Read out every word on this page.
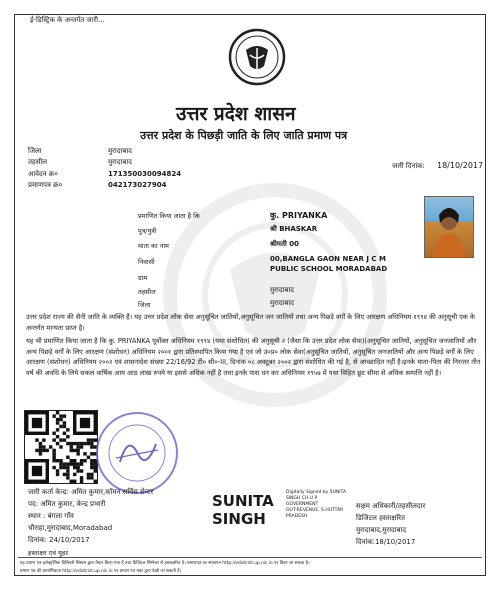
ई-डिस्ट्रिक के अन्तर्गत जारी...
उत्तर प्रदेश शासन
उत्तर प्रदेश के पिछड़ी जाति के लिए जाति प्रमाण पत्र
जिला	मुरादाबाद
तहसील	मुरादाबाद
आवेदन क्र०	171350030094824
प्रमाणपत्र क्र०	042173027904
जारी दिनांक: 18/10/2017
प्रमाणित किया जाता है कि	कु. PRIYANKA
पुत्र/पुत्री	श्री BHASKAR
माता का नाम	श्रीमती 00
निवासी	00,BANGLA GAON NEAR J C M
PUBLIC SCHOOL MORADABAD
ग्राम
तहसील	मुरादाबाद
जिला	मुरादाबाद
उत्तर प्रदेश राज्य की सैनी जाति के व्यक्ति हैं। यह उत्तर प्रदेश लोक सेवा अनुसूचित जातियों,अनुसूचित जन जातियों तथा अन्य पिछड़े वर्गों के लिए आरक्षण अधिनियम १९९४ की अनुसूची एक के अन्तर्गत मान्यता प्राप्त है।
यह भी प्रमाणित किया जाता है कि कु. PRIYANKA पूर्वोक्त अधिनियम १९९४ (यथा संशोधित) की अनुसूची २ (जैसा कि उत्तर प्रदेश लोक सेवा)(अनुसूचित जातियों, अनुसूचित जनजातियों और अन्य पिछड़े वर्गों के लिए आरक्षण (संशोधन) अधिनियम २००१ द्वारा प्रतिस्थापित किया गया है एवं जो उ०प्र० लोक सेवा(अनुसूचित जातियों, अनुसूचित जनजातियों और अन्य पिछड़े वर्गों के लिए आरक्षण (संशोधन) अधिनियम २००२ एवं शासनादेश संख्या 22/16/92 टी० सी०-III, दिनांक ०८ अक्टूबर २००२ द्वारा संशोधित की गई है, से आच्छादित नहीं है।इनके माता-पिता की निरन्तर तीन वर्ष की अवधि के लिये सकल वार्षिक आय आठ लाख रुपये या इससे अधिक नहीं है तथा इनके पास धन कर अधिनियम १९५७ में यथा विहित छूट सीमा से अधिक सम्पत्ति नहीं है।
जारी कर्ता केन्द्र: अमित कुमार,कॉमन सर्विस सेन्टर
पद: अमित कुमार, केन्द्र प्रभारी
स्थान : बंगला गाँव
चौराहा,मुरादाबाद,Moradabad
दिनांक: 24/10/2017
हस्ताक्षर एवं मुहर
SUNITA
SINGH
Digitally Signed by SUNITA
SINGH CH U P
GOVERNMENT
OUT-REVENUE, S.HUTTAR
PRADESH
सक्षम अधिकारी/तहसीलदार
डिजिटल हस्ताक्षरित
मुरादाबाद,मुरादाबाद
दिनांक:18/10/2017
यह प्रमाण पत्र इलेक्ट्रॉनिक डिलिवरी सिस्टम द्वारा तैयार किया गया है तथा डिजिटल सिग्नेचर से हस्ताक्षरित है। प्रमाणपत्र का सत्यापन http://edistrict.up.nic.in पर किया जा सकता है।
प्रमाण पत्र की प्रामाणिकता http://edistrict.up.nic.in पर प्रमाण पत्र नंबर द्वारा देखी जा सकती है।
